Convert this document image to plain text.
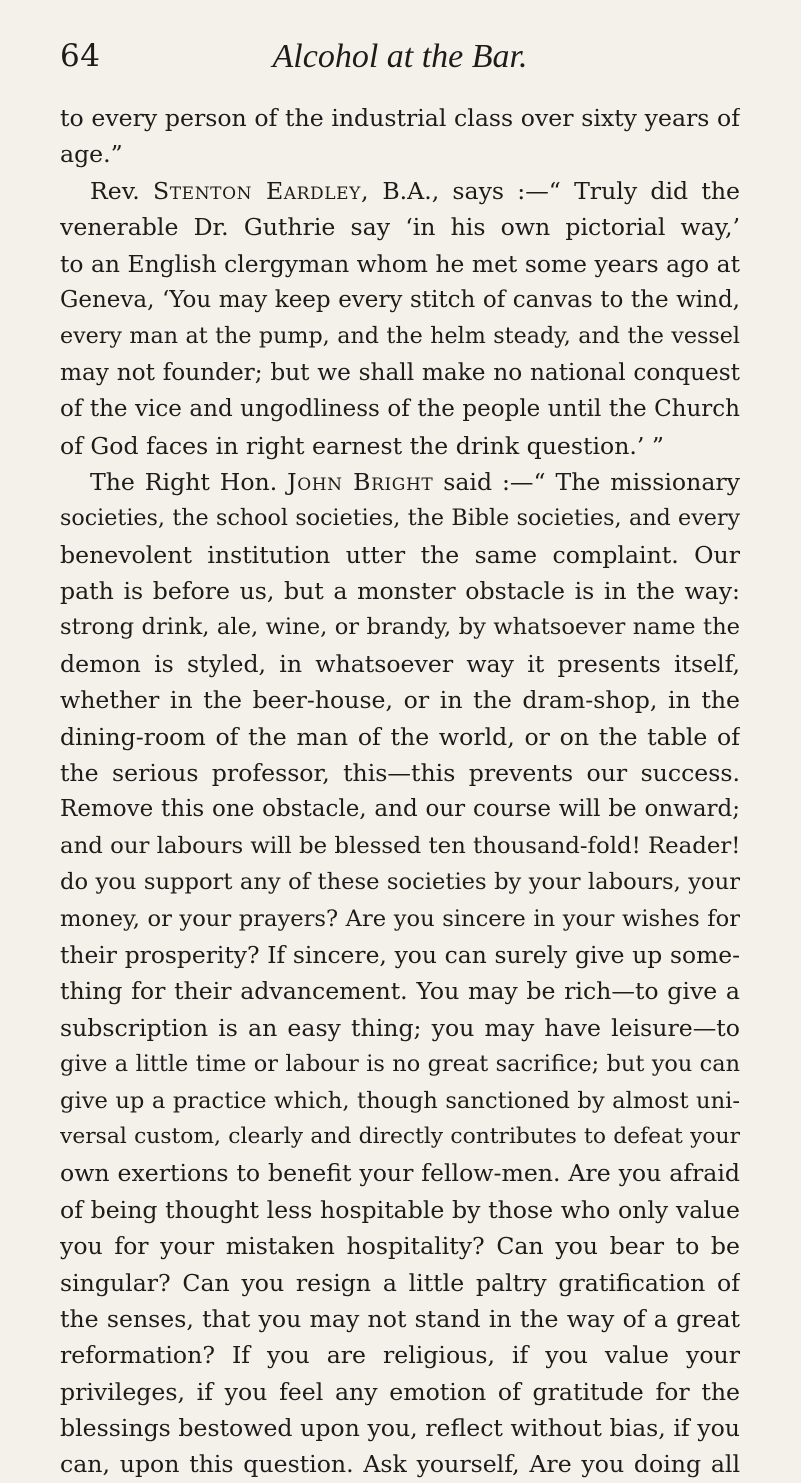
64	Alcohol at the Bar.
to every person of the industrial class over sixty years of
age.”
Rev. Stenton Eardley, B.A., says :—“ Truly did the
venerable Dr. Guthrie say ‘in his own pictorial way,’
to an English clergyman whom he met some years ago at
Geneva, ‘You may keep every stitch of canvas to the wind,
every man at the pump, and the helm steady, and the vessel
may not founder; but we shall make no national conquest
of the vice and ungodliness of the people until the Church
of God faces in right earnest the drink question.’ ”
The Right Hon. John Bright said :—“ The missionary
societies, the school societies, the Bible societies, and every
benevolent institution utter the same complaint. Our
path is before us, but a monster obstacle is in the way:
strong drink, ale, wine, or brandy, by whatsoever name the
demon is styled, in whatsoever way it presents itself,
whether in the beer-house, or in the dram-shop, in the
dining-room of the man of the world, or on the table of
the serious professor, this—this prevents our success.
Remove this one obstacle, and our course will be onward;
and our labours will be blessed ten thousand-fold! Reader!
do you support any of these societies by your labours, your
money, or your prayers? Are you sincere in your wishes for
their prosperity? If sincere, you can surely give up some-
thing for their advancement. You may be rich—to give a
subscription is an easy thing; you may have leisure—to
give a little time or labour is no great sacrifice; but you can
give up a practice which, though sanctioned by almost uni-
versal custom, clearly and directly contributes to defeat your
own exertions to benefit your fellow-men. Are you afraid
of being thought less hospitable by those who only value
you for your mistaken hospitality? Can you bear to be
singular? Can you resign a little paltry gratification of
the senses, that you may not stand in the way of a great
reformation? If you are religious, if you value your
privileges, if you feel any emotion of gratitude for the
blessings bestowed upon you, reflect without bias, if you
can, upon this question. Ask yourself, Are you doing all
